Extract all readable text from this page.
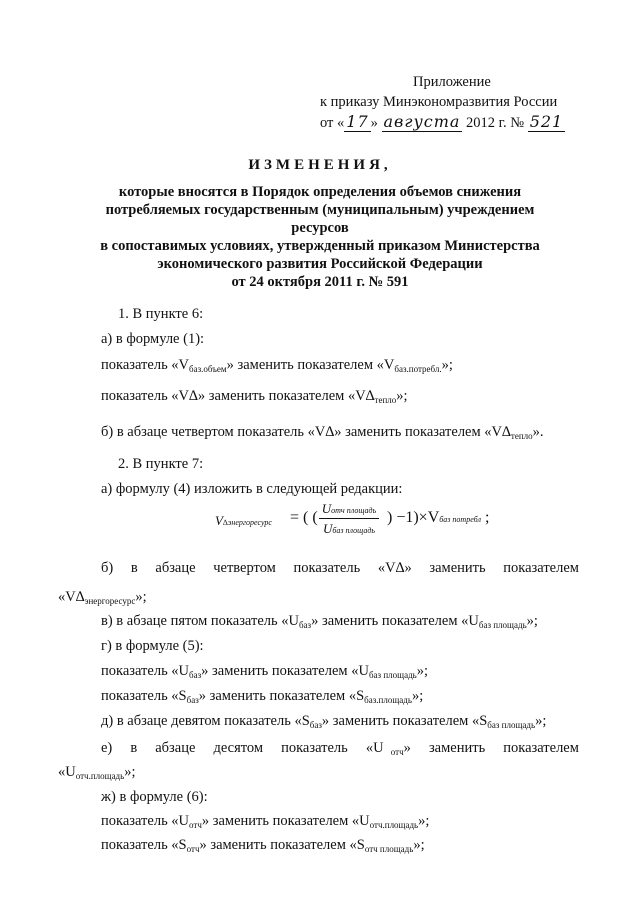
Приложение
к приказу Минэкономразвития России
от « 17 » августа 2012 г. № 521
ИЗМЕНЕНИЯ,
которые вносятся в Порядок определения объемов снижения
потребляемых государственным (муниципальным) учреждением ресурсов
в сопоставимых условиях, утвержденный приказом Министерства
экономического развития Российской Федерации
от 24 октября 2011 г. № 591
1. В пункте 6:
а) в формуле (1):
показатель «$V_{баз.объем}$» заменить показателем «$V_{баз.потребл.}$»;
показатель «V∆» заменить показателем «$V\Delta_{тепло}$»;
б) в абзаце четвертом показатель «V∆» заменить показателем «$V\Delta_{тепло}$».
2. В пункте 7:
а) формулу (4) изложить в следующей редакции:
V∆энергоресурс = ( (
Uотч площадь
Uбаз площадь
) −1)×Vбаз потребл ;
б) в абзаце четвертом показатель «V∆» заменить показателем
«$V\Delta_{энергоресурс}$»;
в) в абзаце пятом показатель «$U_{баз}$» заменить показателем «$U_{баз площадь}$»;
г) в формуле (5):
показатель «$U_{баз}$» заменить показателем «$U_{баз площадь}$»;
показатель «$S_{баз}$» заменить показателем «$S_{баз.площадь}$»;
д) в абзаце девятом показатель «$S_{баз}$» заменить показателем «$S_{баз площадь}$»;
е) в абзаце десятом показатель «U $_{отч}$» заменить показателем
«$U_{отч.площадь}$»;
ж) в формуле (6):
показатель «$U_{отч}$» заменить показателем «$U_{отч.площадь}$»;
показатель «$S_{отч}$» заменить показателем «$S_{отч площадь}$»;
